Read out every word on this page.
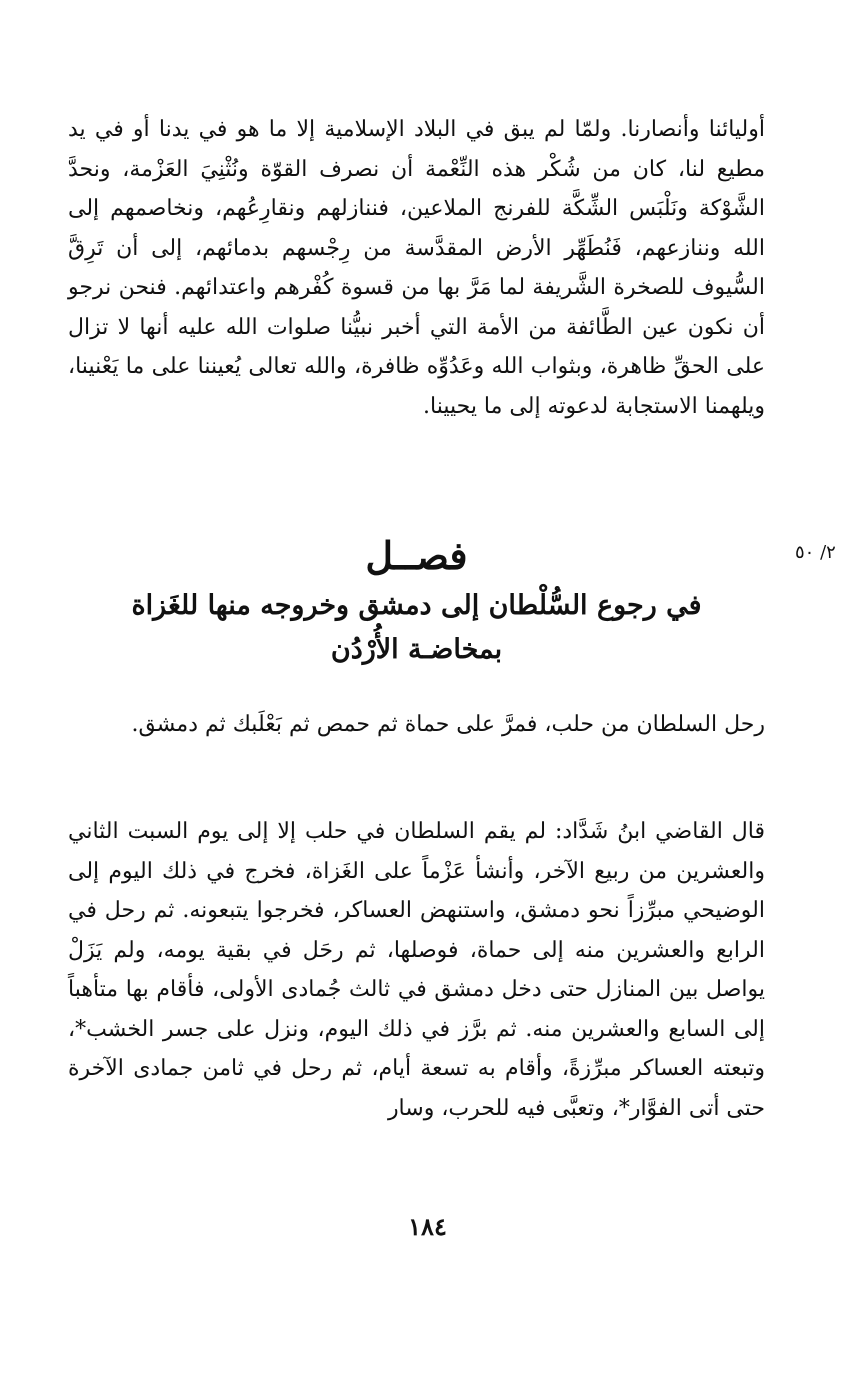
أوليائنا وأنصارنا. ولمّا لم يبق في البلاد الإسلامية إلا ما هو في يدنا أو في يد مطيع لنا، كان من شُكْر هذه النِّعْمة أن نصرف القوّة ونُثْنِيَ العَزْمة، ونحدَّ الشَّوْكة ونَلْبَس الشِّكَّة للفرنج الملاعين، فننازلهم ونقارِعُهم، ونخاصمهم إلى الله وننازعهم، فَنُطَهِّر الأرض المقدَّسة من رِجْسهم بدمائهم، إلى أن تَرِقَّ السُّيوف للصخرة الشَّريفة لما مَرَّ بها من قسوة كُفْرهم واعتدائهم. فنحن نرجو أن نكون عين الطَّائفة من الأمة التي أخبر نبيُّنا صلوات الله عليه أنها لا تزال على الحقِّ ظاهرة، وبثواب الله وعَدُوِّه ظافرة، والله تعالى يُعيننا على ما يَعْنينا، ويلهمنا الاستجابة لدعوته إلى ما يحيينا.

٢/ ٥٠
فصــل
في رجوع السُّلْطان إلى دمشق وخروجه منها للغَزاة
بمخاضـة الأُرْدُن

رحل السلطان من حلب، فمرَّ على حماة ثم حمص ثم بَعْلَبك ثم دمشق.

قال القاضي ابنُ شَدَّاد: لم يقم السلطان في حلب إلا إلى يوم السبت الثاني والعشرين من ربيع الآخر، وأنشأ عَزْماً على الغَزاة، فخرج في ذلك اليوم إلى الوضيحي مبرِّزاً نحو دمشق، واستنهض العساكر، فخرجوا يتبعونه. ثم رحل في الرابع والعشرين منه إلى حماة، فوصلها، ثم رحَل في بقية يومه، ولم يَزَلْ يواصل بين المنازل حتى دخل دمشق في ثالث جُمادى الأولى، فأقام بها متأهباً إلى السابع والعشرين منه. ثم برَّز في ذلك اليوم، ونزل على جسر الخشب*، وتبعته العساكر مبرِّزةً، وأقام به تسعة أيام، ثم رحل في ثامن جمادى الآخرة حتى أتى الفوَّار*، وتعبَّى فيه للحرب، وسار

١٨٤
